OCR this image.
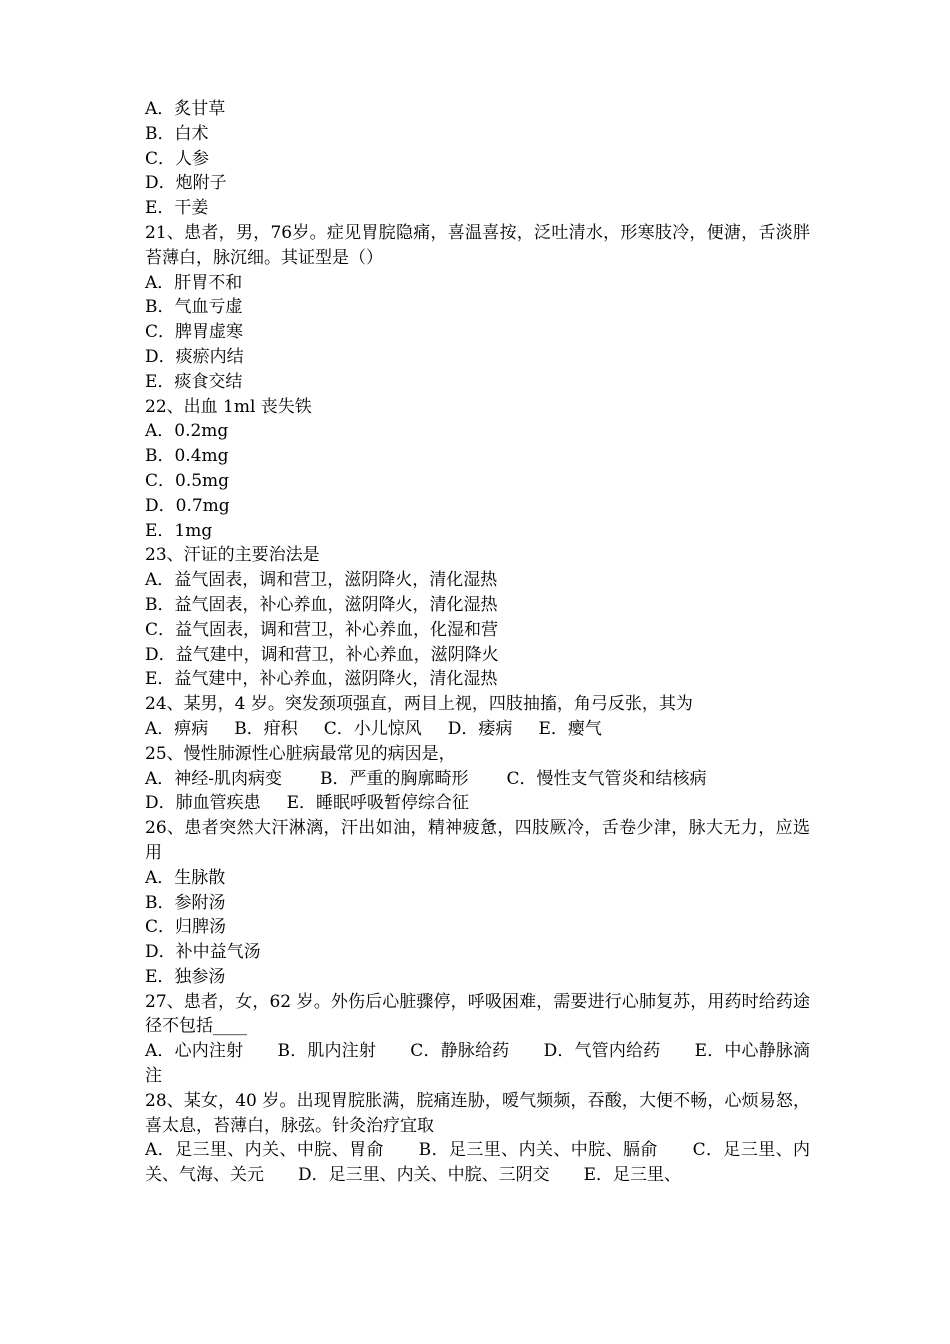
A．炙甘草
B．白术
C．人参
D．炮附子
E．干姜
21、患者，男，76岁。症见胃脘隐痛，喜温喜按，泛吐清水，形寒肢冷，便溏，舌淡胖苔薄白，脉沉细。其证型是（）
A．肝胃不和
B．气血亏虚
C．脾胃虚寒
D．痰瘀内结
E．痰食交结
22、出血 1ml 丧失铁
A．0.2mg
B．0.4mg
C．0.5mg
D．0.7mg
E．1mg
23、汗证的主要治法是
A．益气固表，调和营卫，滋阴降火，清化湿热
B．益气固表，补心养血，滋阴降火，清化湿热
C．益气固表，调和营卫，补心养血，化湿和营
D．益气建中，调和营卫，补心养血，滋阴降火
E．益气建中，补心养血，滋阴降火，清化湿热
24、某男，4 岁。突发颈项强直，两目上视，四肢抽搐，角弓反张，其为
A．痹病 B．疳积 C．小儿惊风 D．痿病 E．瘿气
25、慢性肺源性心脏病最常见的病因是，
A．神经-肌肉病变 B．严重的胸廓畸形 C．慢性支气管炎和结核病
D．肺血管疾患 E．睡眠呼吸暂停综合征
26、患者突然大汗淋漓，汗出如油，精神疲惫，四肢厥冷，舌卷少津，脉大无力，应选用
A．生脉散
B．参附汤
C．归脾汤
D．补中益气汤
E．独参汤
27、患者，女，62 岁。外伤后心脏骤停，呼吸困难，需要进行心肺复苏，用药时给药途径不包括____
A．心内注射　　B．肌内注射　　C．静脉给药　　D．气管内给药　　E．中心静脉滴注
28、某女，40 岁。出现胃脘胀满，脘痛连胁，嗳气频频，吞酸，大便不畅，心烦易怒，喜太息，苔薄白，脉弦。针灸治疗宜取
A．足三里、内关、中脘、胃俞　　B．足三里、内关、中脘、膈俞　　C．足三里、内关、气海、关元　　D．足三里、内关、中脘、三阴交　　E．足三里、
